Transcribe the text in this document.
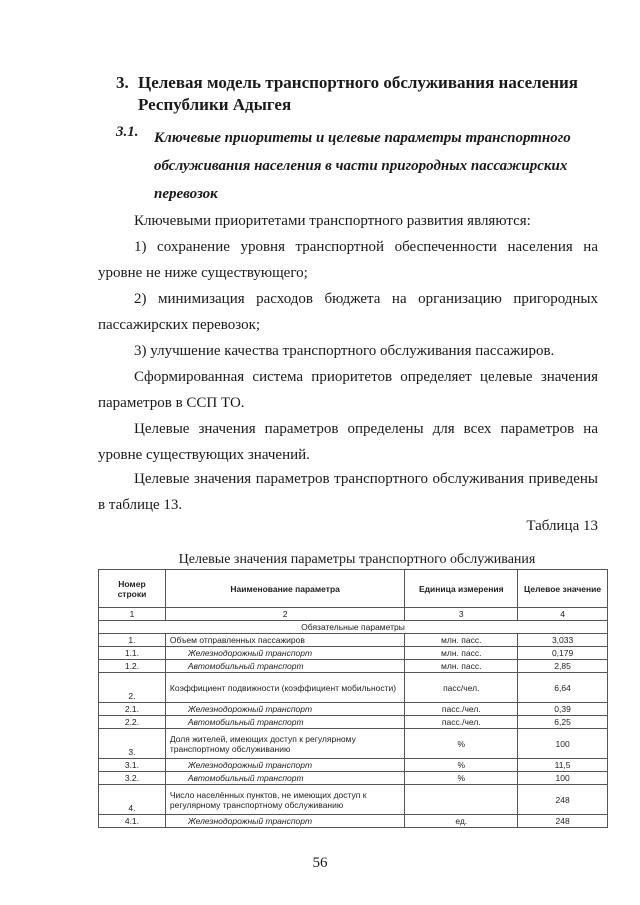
3. Целевая модель транспортного обслуживания населения
Республики Адыгея
3.1. Ключевые приоритеты и целевые параметры транспортного обслуживания населения в части пригородных пассажирских перевозок
Ключевыми приоритетами транспортного развития являются:
1) сохранение уровня транспортной обеспеченности населения на уровне не ниже существующего;
2) минимизация расходов бюджета на организацию пригородных пассажирских перевозок;
3) улучшение качества транспортного обслуживания пассажиров.
Сформированная система приоритетов определяет целевые значения параметров в ССП ТО.
Целевые значения параметров определены для всех параметров на уровне существующих значений.
Целевые значения параметров транспортного обслуживания приведены в таблице 13.
Таблица 13
Целевые значения параметры транспортного обслуживания
Номер строки	Наименование параметра	Единица измерения	Целевое значение
1	2	3	4
Обязательные параметры			
1.	Объем отправленных пассажиров	млн. пасс.	3,033
1.1.	Железнодорожный транспорт	млн. пасс.	0,179
1.2.	Автомобильный транспорт	млн. пасс.	2,85
2.	Коэффициент подвижности (коэффициент мобильности)	пасс/чел.	6,64
2.1.	Железнодорожный транспорт	пасс./чел.	0,39
2.2.	Автомобильный транспорт	пасс./чел.	6,25
3.	Доля жителей, имеющих доступ к регулярному транспортному обслуживанию	%	100
3.1.	Железнодорожный транспорт	%	11,5
3.2.	Автомобильный транспорт	%	100
4.	Число населённых пунктов, не имеющих доступ к регулярному транспортному обслуживанию		248
4.1.	Железнодорожный транспорт	ед.	248
56
